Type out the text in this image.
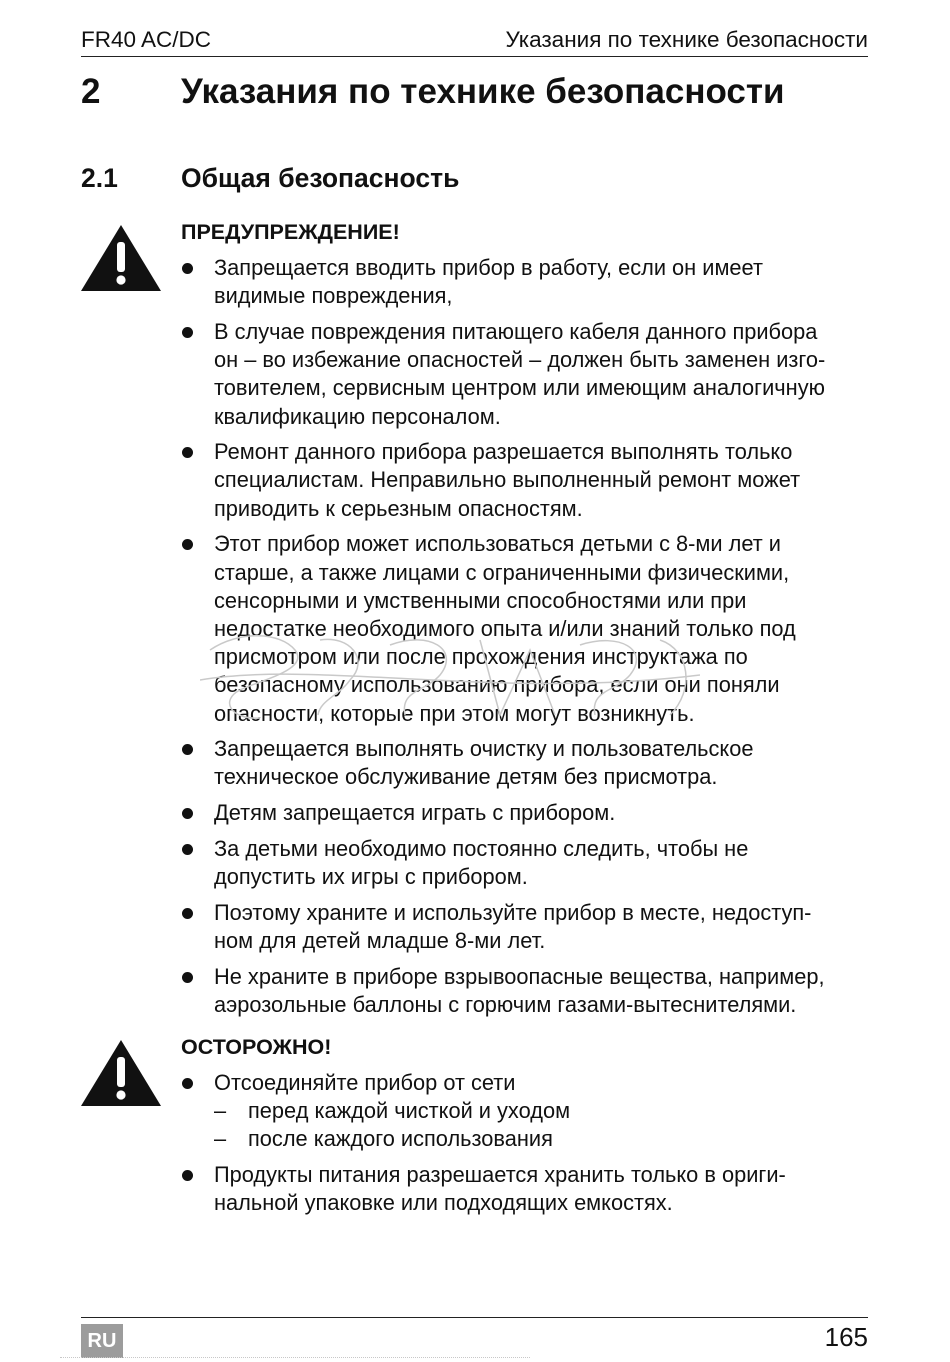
FR40 AC/DC	Указания по технике безопасности
2 Указания по технике безопасности
2.1 Общая безопасность
ПРЕДУПРЕЖДЕНИЕ!
Запрещается вводить прибор в работу, если он имеет
видимые повреждения,
В случае повреждения питающего кабеля данного прибора
он – во избежание опасностей – должен быть заменен изго-
товителем, сервисным центром или имеющим аналогичную
квалификацию персоналом.
Ремонт данного прибора разрешается выполнять только
специалистам. Неправильно выполненный ремонт может
приводить к серьезным опасностям.
Этот прибор может использоваться детьми с 8-ми лет и
старше, а также лицами с ограниченными физическими,
сенсорными и умственными способностями или при
недостатке необходимого опыта и/или знаний только под
присмотром или после прохождения инструктажа по
безопасному использованию прибора, если они поняли
опасности, которые при этом могут возникнуть.
Запрещается выполнять очистку и пользовательское
техническое обслуживание детям без присмотра.
Детям запрещается играть с прибором.
За детьми необходимо постоянно следить, чтобы не
допустить их игры с прибором.
Поэтому храните и используйте прибор в месте, недоступ-
ном для детей младше 8-ми лет.
Не храните в приборе взрывоопасные вещества, например,
аэрозольные баллоны с горючим газами-вытеснителями.
ОСТОРОЖНО!
Отсоединяйте прибор от сети
– перед каждой чисткой и уходом
– после каждого использования
Продукты питания разрешается хранить только в ориги-
нальной упаковке или подходящих емкостях.
RU	165
